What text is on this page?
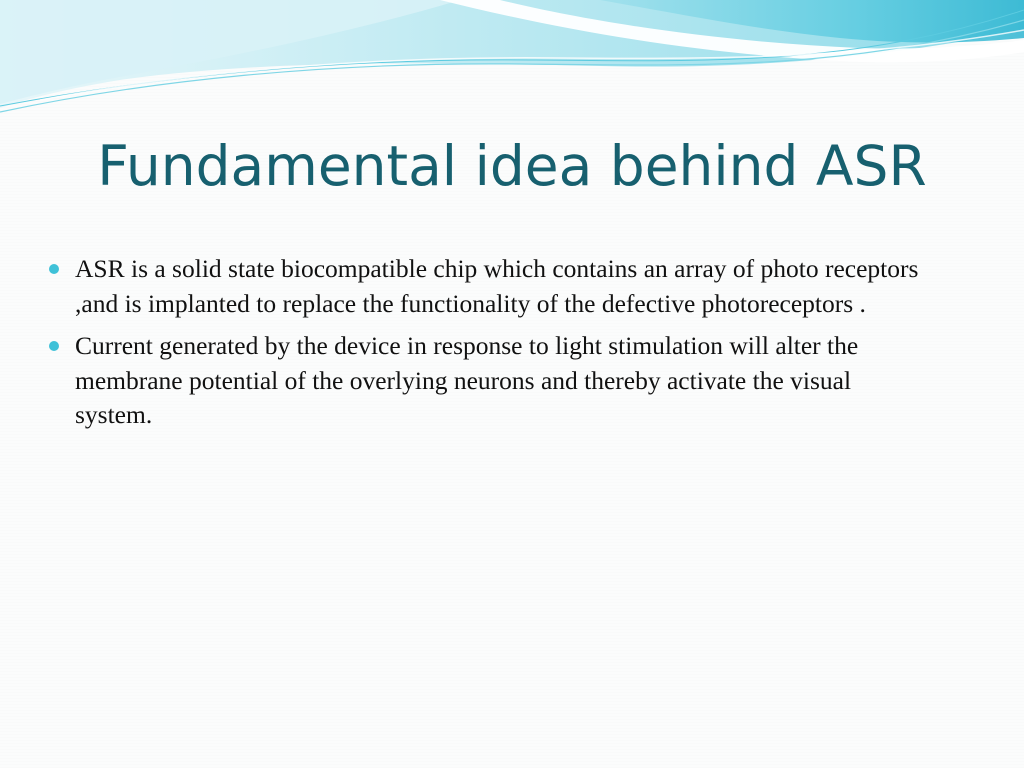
Fundamental idea behind ASR
ASR is a solid state biocompatible chip which contains an array of photo receptors ,and is implanted to replace the functionality of the defective photoreceptors .
Current generated by the device in response to light stimulation will alter the membrane potential of the overlying neurons and thereby activate the visual system.
